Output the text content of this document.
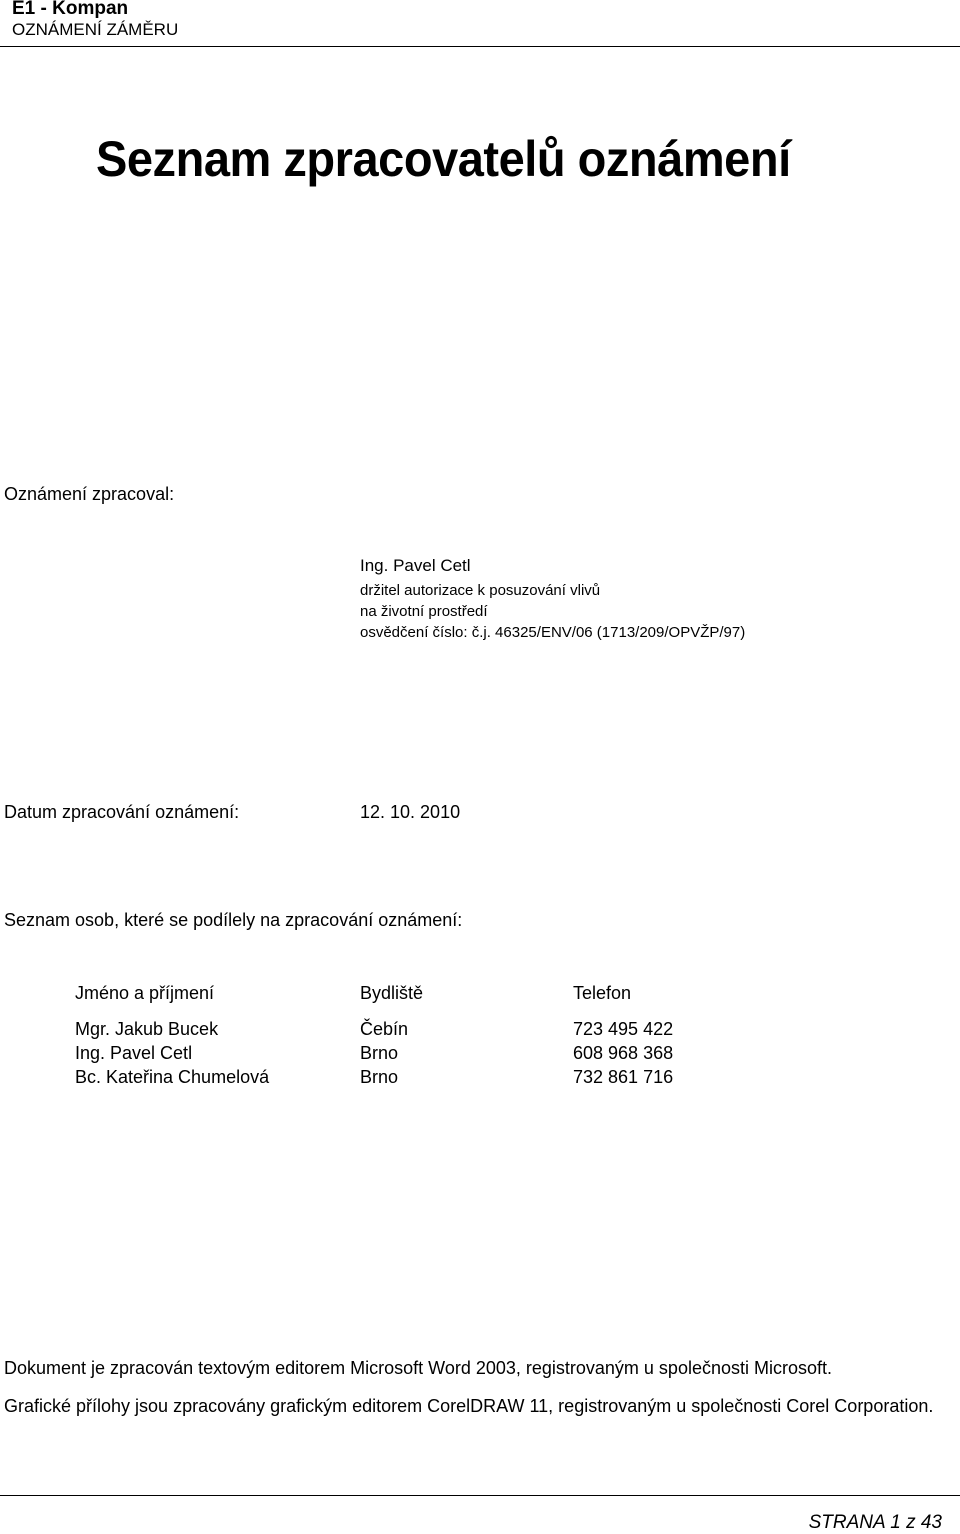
E1 - Kompan
OZNÁMENÍ ZÁMĚRU
Seznam zpracovatelů oznámení
Oznámení zpracoval:
Ing. Pavel Cetl
držitel autorizace k posuzování vlivů
na životní prostředí
osvědčení číslo: č.j. 46325/ENV/06 (1713/209/OPVŽP/97)
Datum zpracování oznámení:	12. 10. 2010
Seznam osob, které se podílely na zpracování oznámení:
Jméno a příjmení	Bydliště	Telefon
Mgr. Jakub Bucek	Čebín	723 495 422
Ing. Pavel Cetl	Brno	608 968 368
Bc. Kateřina Chumelová	Brno	732 861 716
Dokument je zpracován textovým editorem Microsoft Word 2003, registrovaným u společnosti Microsoft.
Grafické přílohy jsou zpracovány grafickým editorem CorelDRAW 11, registrovaným u společnosti Corel Corporation.
STRANA 1 z 43
